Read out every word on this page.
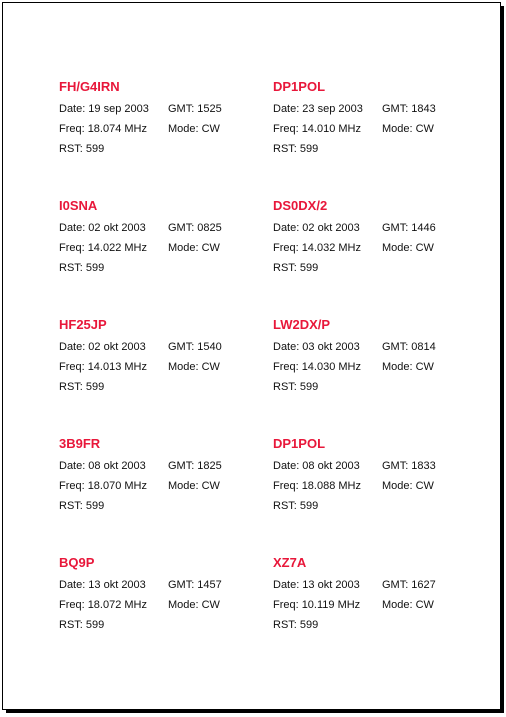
FH/G4IRN
Date: 19 sep 2003 GMT: 1525
Freq: 18.074 MHz Mode: CW
RST: 599
DP1POL
Date: 23 sep 2003 GMT: 1843
Freq: 14.010 MHz Mode: CW
RST: 599
I0SNA
Date: 02 okt 2003 GMT: 0825
Freq: 14.022 MHz Mode: CW
RST: 599
DS0DX/2
Date: 02 okt 2003 GMT: 1446
Freq: 14.032 MHz Mode: CW
RST: 599
HF25JP
Date: 02 okt 2003 GMT: 1540
Freq: 14.013 MHz Mode: CW
RST: 599
LW2DX/P
Date: 03 okt 2003 GMT: 0814
Freq: 14.030 MHz Mode: CW
RST: 599
3B9FR
Date: 08 okt 2003 GMT: 1825
Freq: 18.070 MHz Mode: CW
RST: 599
DP1POL
Date: 08 okt 2003 GMT: 1833
Freq: 18.088 MHz Mode: CW
RST: 599
BQ9P
Date: 13 okt 2003 GMT: 1457
Freq: 18.072 MHz Mode: CW
RST: 599
XZ7A
Date: 13 okt 2003 GMT: 1627
Freq: 10.119 MHz Mode: CW
RST: 599
